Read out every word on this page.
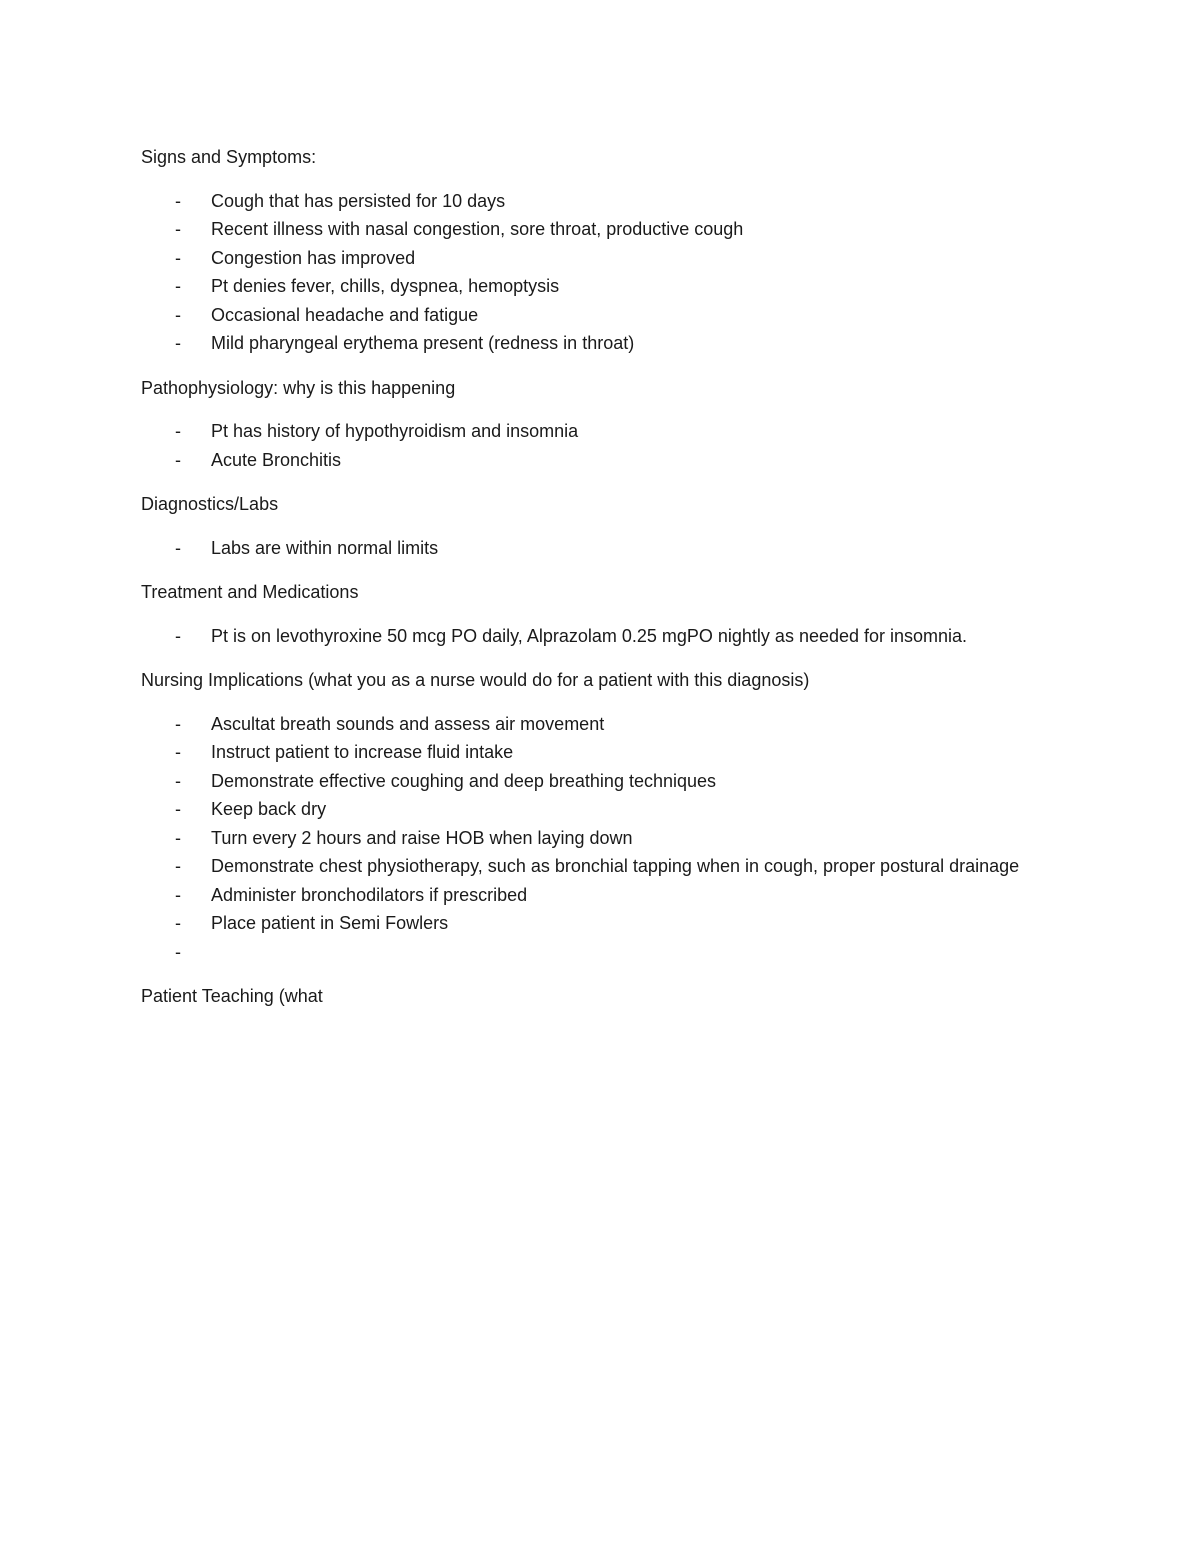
Signs and Symptoms:

-	Cough that has persisted for 10 days
-	Recent illness with nasal congestion, sore throat, productive cough
-	Congestion has improved
-	Pt denies fever, chills, dyspnea, hemoptysis
-	Occasional headache and fatigue
-	Mild pharyngeal erythema present (redness in throat)

Pathophysiology: why is this happening

-	Pt has history of hypothyroidism and insomnia
-	Acute Bronchitis

Diagnostics/Labs

-	Labs are within normal limits

Treatment and Medications

-	Pt is on levothyroxine 50 mcg PO daily, Alprazolam 0.25 mgPO nightly as needed for insomnia.

Nursing Implications (what you as a nurse would do for a patient with this diagnosis)

-	Ascultat breath sounds and assess air movement
-	Instruct patient to increase fluid intake
-	Demonstrate effective coughing and deep breathing techniques
-	Keep back dry
-	Turn every 2 hours and raise HOB when laying down
-	Demonstrate chest physiotherapy, such as bronchial tapping when in cough, proper postural drainage
-	Administer bronchodilators if prescribed
-	Place patient in Semi Fowlers
-

Patient Teaching (what
